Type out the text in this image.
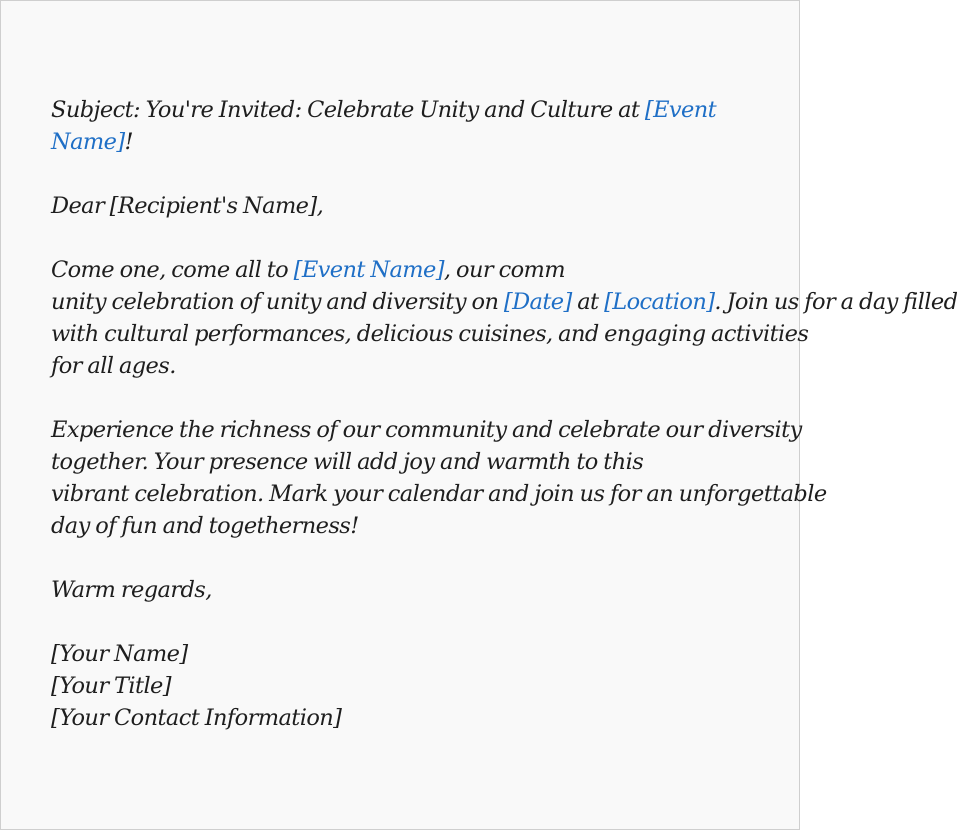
Subject: You're Invited: Celebrate Unity and Culture at [Event
Name]!
Dear [Recipient's Name],
Come one, come all to [Event Name], our comm
unity celebration of unity and diversity on [Date] at [Location]. Join us for a day filled
with cultural performances, delicious cuisines, and engaging activities
for all ages.
Experience the richness of our community and celebrate our diversity
together. Your presence will add joy and warmth to this
vibrant celebration. Mark your calendar and join us for an unforgettable
day of fun and togetherness!
Warm regards,
[Your Name]
[Your Title]
[Your Contact Information]
